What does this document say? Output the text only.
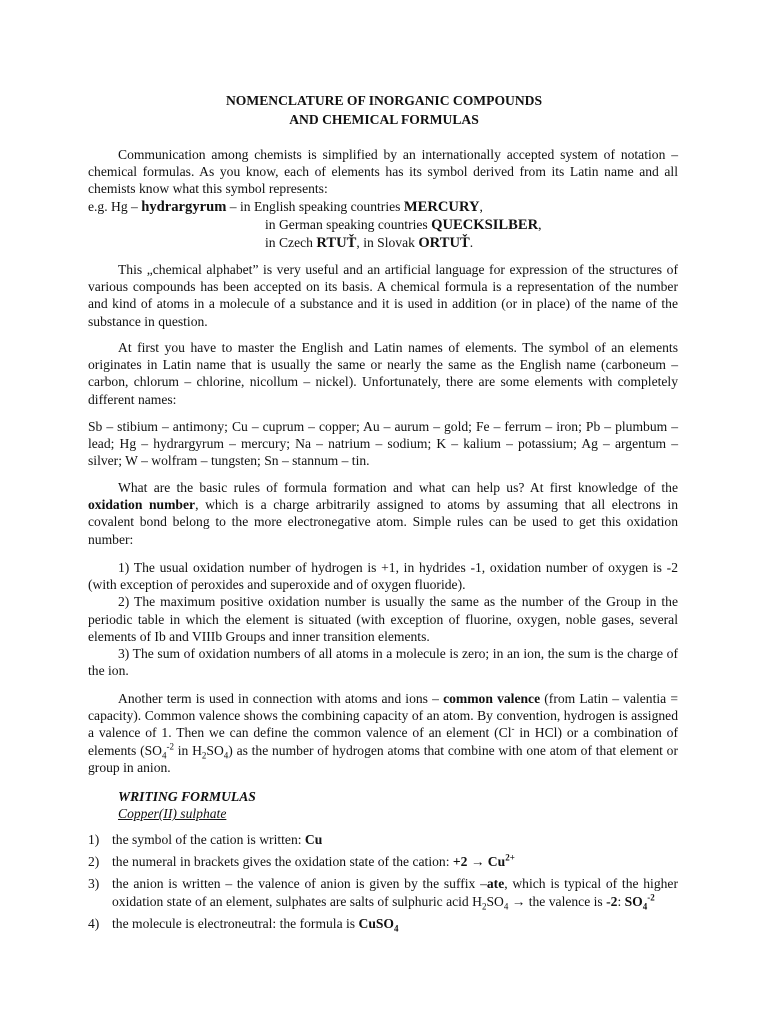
NOMENCLATURE OF INORGANIC COMPOUNDS
AND CHEMICAL FORMULAS

Communication among chemists is simplified by an internationally accepted system of notation – chemical formulas. As you know, each of elements has its symbol derived from its Latin name and all chemists know what this symbol represents:

e.g. Hg – hydrargyrum – in English speaking countries MERCURY,
in German speaking countries QUECKSILBER,
in Czech RTUŤ, in Slovak ORTUŤ.

This „chemical alphabet” is very useful and an artificial language for expression of the structures of various compounds has been accepted on its basis. A chemical formula is a representation of the number and kind of atoms in a molecule of a substance and it is used in addition (or in place) of the name of the substance in question.

At first you have to master the English and Latin names of elements. The symbol of an elements originates in Latin name that is usually the same or nearly the same as the English name (carboneum – carbon, chlorum – chlorine, nicollum – nickel). Unfortunately, there are some elements with completely different names:

Sb – stibium – antimony; Cu – cuprum – copper; Au – aurum – gold; Fe – ferrum – iron; Pb – plumbum – lead; Hg – hydrargyrum – mercury; Na – natrium – sodium; K – kalium – potassium; Ag – argentum – silver; W – wolfram – tungsten; Sn – stannum – tin.

What are the basic rules of formula formation and what can help us? At first knowledge of the oxidation number, which is a charge arbitrarily assigned to atoms by assuming that all electrons in covalent bond belong to the more electronegative atom. Simple rules can be used to get this oxidation number:

1) The usual oxidation number of hydrogen is +1, in hydrides -1, oxidation number of oxygen is -2 (with exception of peroxides and superoxide and of oxygen fluoride).
2) The maximum positive oxidation number is usually the same as the number of the Group in the periodic table in which the element is situated (with exception of fluorine, oxygen, noble gases, several elements of Ib and VIIIb Groups and inner transition elements.
3) The sum of oxidation numbers of all atoms in a molecule is zero; in an ion, the sum is the charge of the ion.

Another term is used in connection with atoms and ions – common valence (from Latin – valentia = capacity). Common valence shows the combining capacity of an atom. By convention, hydrogen is assigned a valence of 1. Then we can define the common valence of an element (Cl- in HCl) or a combination of elements ($SO_4^{-2}$ in $H_2SO_4$) as the number of hydrogen atoms that combine with one atom of that element or group in anion.

WRITING FORMULAS
Copper(II) sulphate
1) the symbol of the cation is written: Cu
2) the numeral in brackets gives the oxidation state of the cation: $+2 \to Cu^{2+}$
3) the anion is written – the valence of anion is given by the suffix –ate, which is typical of the higher oxidation state of an element, sulphates are salts of sulphuric acid $H_2SO_4$ → the valence is -2: $SO_4^{-2}$
4) the molecule is electroneutral: the formula is CuSO$_4$
